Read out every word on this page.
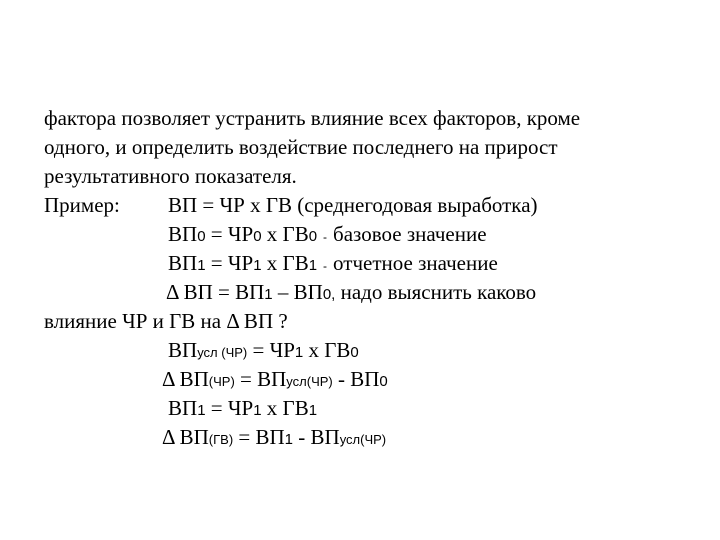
фактора позволяет устранить влияние всех факторов, кроме
одного, и определить воздействие последнего на прирост
результативного показателя.
Пример: ВП = ЧР х ГВ (среднегодовая выработка)
ВП0 = ЧР0 х ГВ0 - базовое значение
ВП1 = ЧР1 х ГВ1 - отчетное значение
Δ ВП = ВП1 – ВП0, надо выяснить каково
влияние ЧР и ГВ на Δ ВП ?
ВПусл (ЧР) = ЧР1 х ГВ0
Δ ВП(ЧР) = ВПусл(ЧР) - ВП0
ВП1 = ЧР1 х ГВ1
Δ ВП(ГВ) = ВП1 - ВПусл(ЧР)
